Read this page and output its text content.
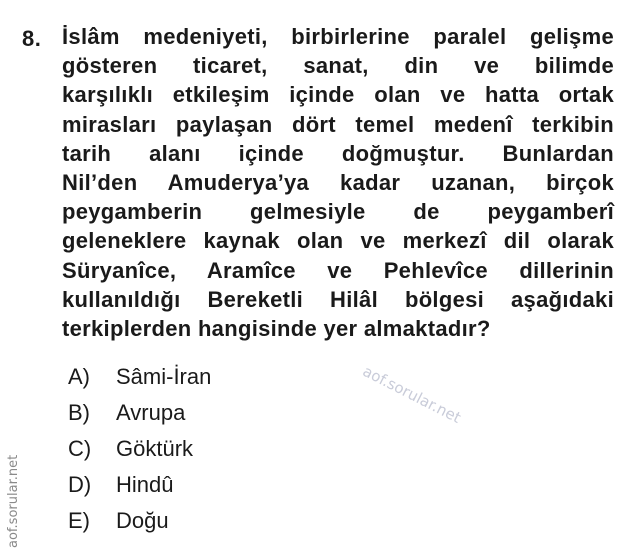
8. İslâm medeniyeti, birbirlerine paralel gelişme
gösteren ticaret, sanat, din ve bilimde
karşılıklı etkileşim içinde olan ve hatta ortak
mirasları paylaşan dört temel medenî terkibin
tarih alanı içinde doğmuştur. Bunlardan
Nil’den Amuderya’ya kadar uzanan, birçok
peygamberin gelmesiyle de peygamberî
geleneklere kaynak olan ve merkezî dil olarak
Süryanîce, Aramîce ve Pehlevîce dillerinin
kullanıldığı Bereketli Hilâl bölgesi aşağıdaki
terkiplerden hangisinde yer almaktadır?
A)	Sâmi-İran
B)	Avrupa
C)	Göktürk
D)	Hindû
E)	Doğu
aof.sorular.net
aof.sorular.net
